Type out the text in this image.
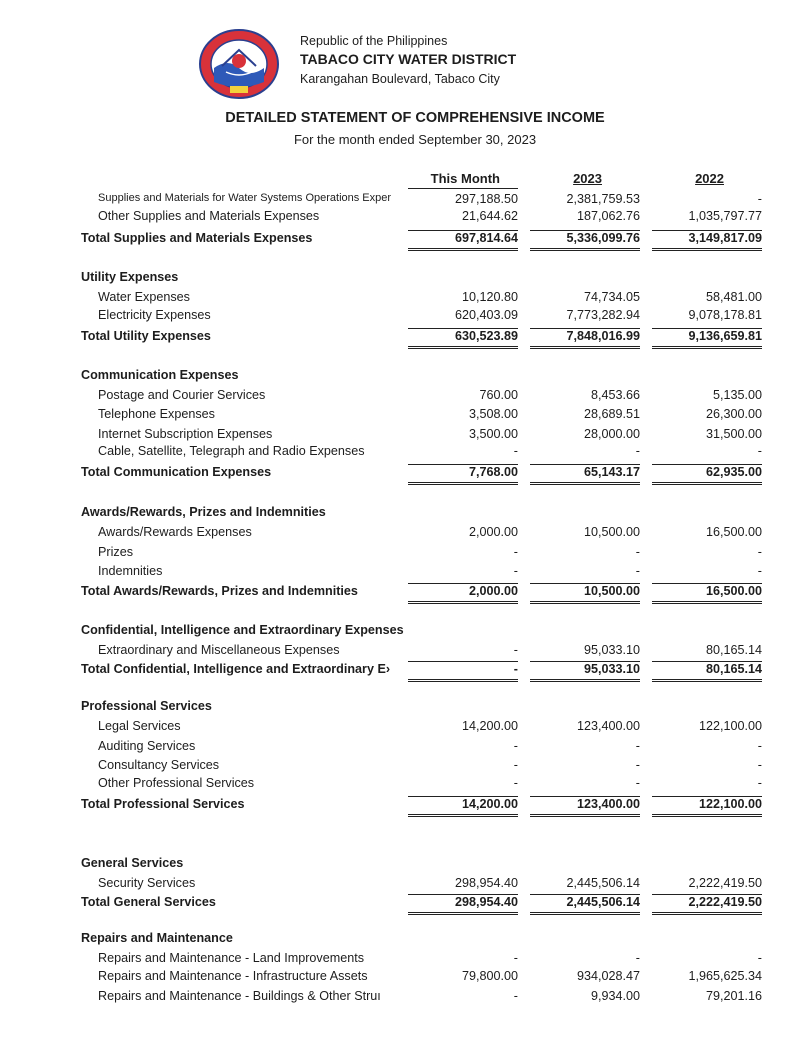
Republic of the Philippines
TABACO CITY WATER DISTRICT
Karangahan Boulevard, Tabaco City
DETAILED STATEMENT OF COMPREHENSIVE INCOME
For the month ended September 30, 2023
This Month	2023	2022
Supplies and Materials for Water Systems Operations Exper	297,188.50	2,381,759.53	-
Other Supplies and Materials Expenses	21,644.62	187,062.76	1,035,797.77
Total Supplies and Materials Expenses	697,814.64	5,336,099.76	3,149,817.09
Utility Expenses
Water Expenses	10,120.80	74,734.05	58,481.00
Electricity Expenses	620,403.09	7,773,282.94	9,078,178.81
Total Utility Expenses	630,523.89	7,848,016.99	9,136,659.81
Communication Expenses
Postage and Courier Services	760.00	8,453.66	5,135.00
Telephone Expenses	3,508.00	28,689.51	26,300.00
Internet Subscription Expenses	3,500.00	28,000.00	31,500.00
Cable, Satellite, Telegraph and Radio Expenses	-	-	-
Total Communication Expenses	7,768.00	65,143.17	62,935.00
Awards/Rewards, Prizes and Indemnities
Awards/Rewards Expenses	2,000.00	10,500.00	16,500.00
Prizes	-	-	-
Indemnities	-	-	-
Total Awards/Rewards, Prizes and Indemnities	2,000.00	10,500.00	16,500.00
Confidential, Intelligence and Extraordinary Expenses
Extraordinary and Miscellaneous Expenses	-	95,033.10	80,165.14
Total Confidential, Intelligence and Extraordinary E›	-	95,033.10	80,165.14
Professional Services
Legal Services	14,200.00	123,400.00	122,100.00
Auditing Services	-	-	-
Consultancy Services	-	-	-
Other Professional Services	-	-	-
Total Professional Services	14,200.00	123,400.00	122,100.00
General Services
Security Services	298,954.40	2,445,506.14	2,222,419.50
Total General Services	298,954.40	2,445,506.14	2,222,419.50
Repairs and Maintenance
Repairs and Maintenance - Land Improvements	-	-	-
Repairs and Maintenance - Infrastructure Assets	79,800.00	934,028.47	1,965,625.34
Repairs and Maintenance - Buildings & Other Struı	-	9,934.00	79,201.16
